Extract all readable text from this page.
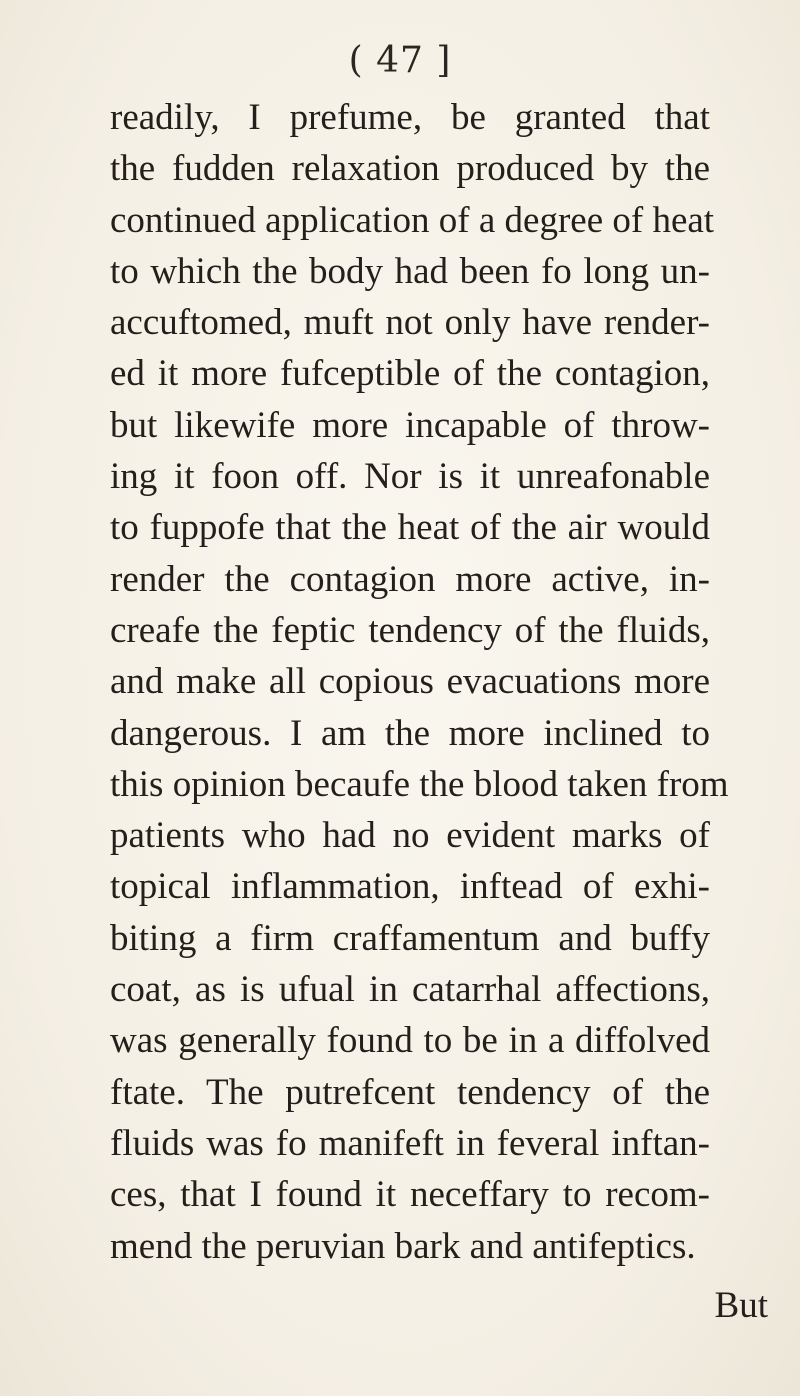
( 47 ]
readily, I prefume, be granted that
the fudden relaxation produced by the
continued application of a degree of heat
to which the body had been fo long un-
accuftomed, muft not only have render-
ed it more fufceptible of the contagion,
but likewife more incapable of throw-
ing it foon off. Nor is it unreafonable
to fuppofe that the heat of the air would
render the contagion more active, in-
creafe the feptic tendency of the fluids,
and make all copious evacuations more
dangerous. I am the more inclined to
this opinion becaufe the blood taken from
patients who had no evident marks of
topical inflammation, inftead of exhi-
biting a firm craffamentum and buffy
coat, as is ufual in catarrhal affections,
was generally found to be in a diffolved
ftate. The putrefcent tendency of the
fluids was fo manifeft in feveral inftan-
ces, that I found it neceffary to recom-
mend the peruvian bark and antifeptics.
But
